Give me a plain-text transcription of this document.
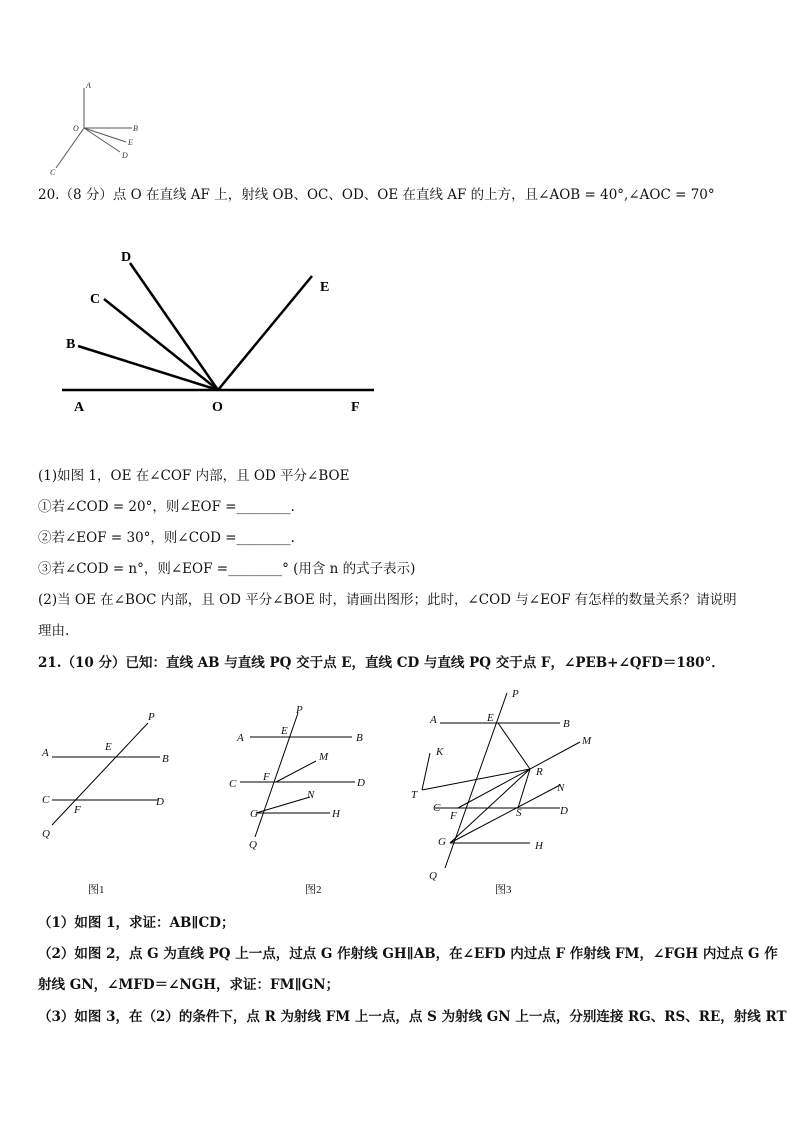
A
O	B
E
D
C
20.（8 分）点 O 在直线 AF 上，射线 OB、OC、OD、OE 在直线 AF 的上方，且∠AOB = 40°,∠AOC = 70°
D
C
B
E
A	O	F
(1)如图 1，OE 在∠COF 内部，且 OD 平分∠BOE
①若∠COD = 20°，则∠EOF =________.
②若∠EOF = 30°，则∠COD =________.
③若∠COD = n°，则∠EOF =________° (用含 n 的式子表示)
(2)当 OE 在∠BOC 内部，且 OD 平分∠BOE 时，请画出图形；此时，∠COD 与∠EOF 有怎样的数量关系？请说明
理由.
21.（10 分）已知：直线 AB 与直线 PQ 交于点 E，直线 CD 与直线 PQ 交于点 F，∠PEB+∠QFD＝180°．
P
A	E
B
C
F
D
Q
P
A
E
B
M
C
F	D
N
G	H
Q
P
A	E	B
M
K
R
T
N
C
F	S	D
G	H
Q
图1	图2	图3
（1）如图 1，求证：AB∥CD；
（2）如图 2，点 G 为直线 PQ 上一点，过点 G 作射线 GH∥AB，在∠EFD 内过点 F 作射线 FM，∠FGH 内过点 G 作
射线 GN，∠MFD＝∠NGH，求证：FM∥GN；
（3）如图 3，在（2）的条件下，点 R 为射线 FM 上一点，点 S 为射线 GN 上一点，分别连接 RG、RS、RE，射线 RT
